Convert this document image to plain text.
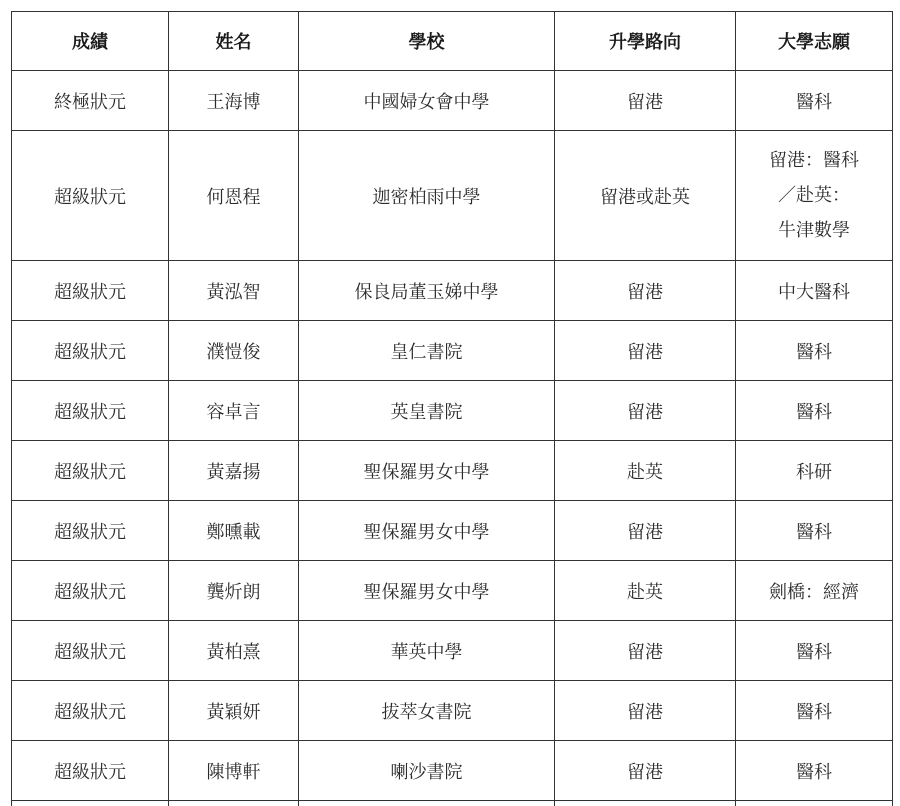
成績	姓名	學校	升學路向	大學志願
終極狀元	王海博	中國婦女會中學	留港	醫科
超級狀元	何恩程	迦密柏雨中學	留港或赴英	留港：醫科
／赴英：
牛津數學

超級狀元	黃泓智	保良局董玉娣中學	留港	中大醫科
超級狀元	濮愷俊	皇仁書院	留港	醫科
超級狀元	容卓言	英皇書院	留港	醫科
超級狀元	黃嘉揚	聖保羅男女中學	赴英	科研
超級狀元	鄭曛載	聖保羅男女中學	留港	醫科
超級狀元	龔炘朗	聖保羅男女中學	赴英	劍橋：經濟
超級狀元	黃柏熹	華英中學	留港	醫科
超級狀元	黃穎妍	拔萃女書院	留港	醫科
超級狀元	陳博軒	喇沙書院	留港	醫科
